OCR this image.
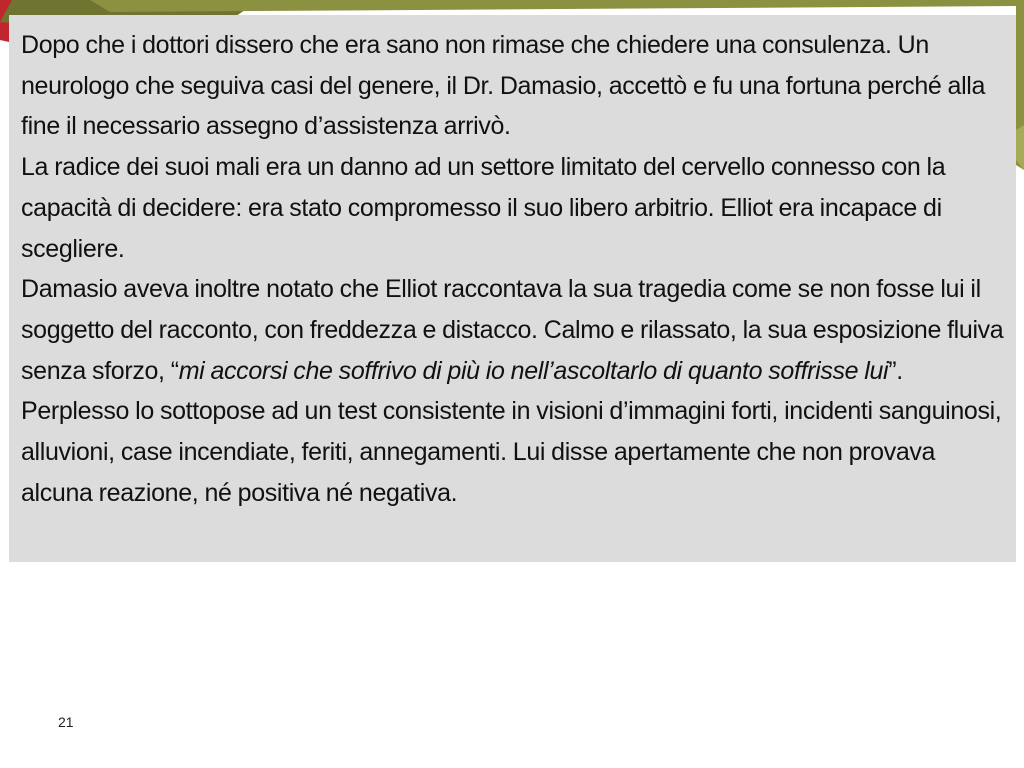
Dopo che i dottori dissero che era sano non rimase che chiedere una consulenza. Un neurologo che seguiva casi del genere, il Dr. Damasio, accettò e fu una fortuna perché alla fine il necessario assegno d’assistenza arrivò.

La radice dei suoi mali era un danno ad un settore limitato del cervello connesso con la capacità di decidere: era stato compromesso il suo libero arbitrio. Elliot era incapace di scegliere.

Damasio aveva inoltre notato che Elliot raccontava la sua tragedia come se non fosse lui il soggetto del racconto, con freddezza e distacco. Calmo e rilassato, la sua esposizione fluiva senza sforzo, “mi accorsi che soffrivo di più io nell’ascoltarlo di quanto soffrisse lui”. Perplesso lo sottopose ad un test consistente in visioni d’immagini forti, incidenti sanguinosi, alluvioni, case incendiate, feriti, annegamenti. Lui disse apertamente che non provava alcuna reazione, né positiva né negativa.

21
